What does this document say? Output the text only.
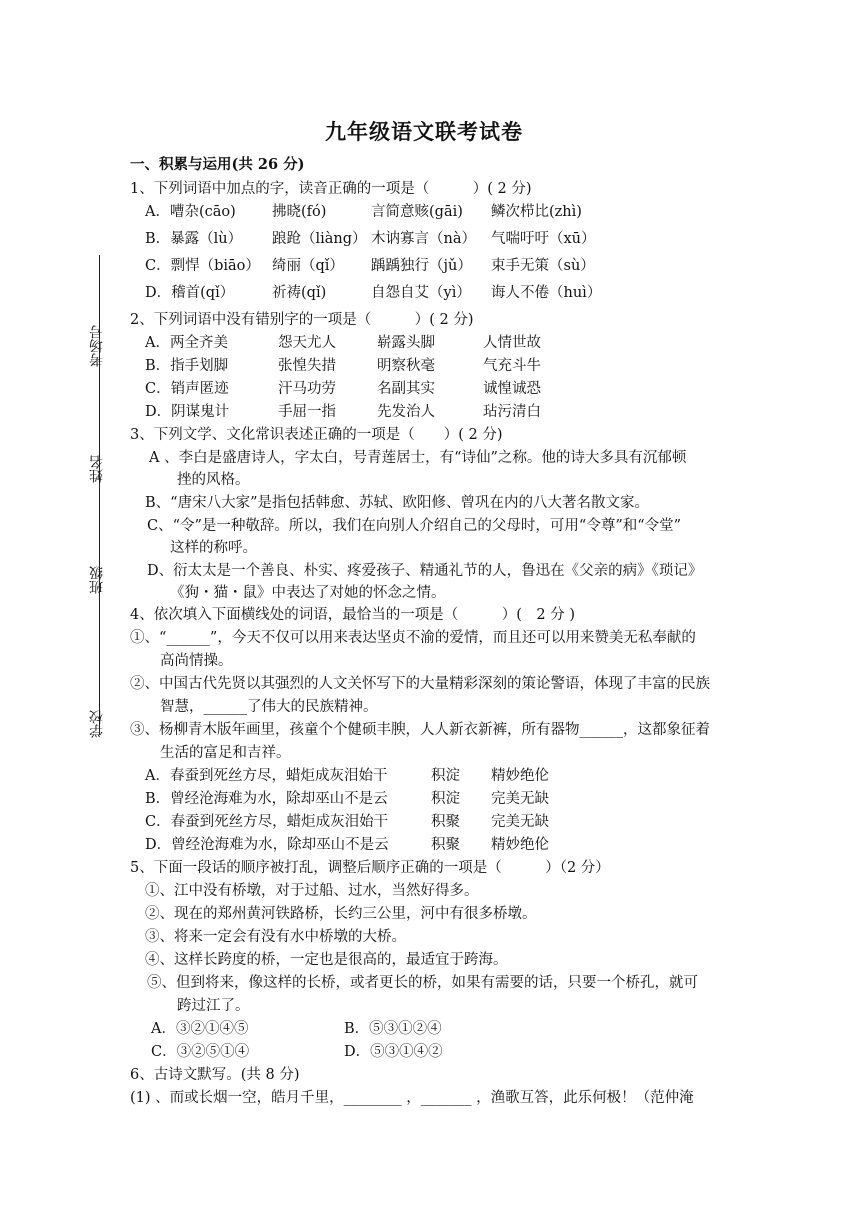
九年级语文联考试卷
考场号
姓名
班级
学校
一、积累与运用(共 26 分)
1、下列词语中加点的字，读音正确的一项是（　　　）( 2 分)
A．嘈杂(cāo) 拂晓(fó)	言简意赅(gāi) 鳞次栉比(zhì)
B．暴露（lù） 踉跄（liàng） 木讷寡言（nà） 气喘吁吁（xū）
C．剽悍（biāo） 绮丽（qǐ） 踽踽独行（jǔ） 束手无策（sù）
D．稽首(qǐ）	祈祷(qǐ)	自怨自艾（yì） 诲人不倦（huì）
2、下列词语中没有错别字的一项是（　　　）( 2 分)
A．两全齐美	怨天尤人	崭露头脚	人情世故
B．指手划脚	张惶失措	明察秋毫	气充斗牛
C．销声匿迹	汗马功劳	名副其实	诚惶诚恐
D．阴谋鬼计	手屈一指	先发治人	玷污清白
3、下列文学、文化常识表述正确的一项是（　　）( 2 分)
A 、李白是盛唐诗人，字太白，号青莲居士，有“诗仙”之称。他的诗大多具有沉郁顿
挫的风格。
B、“唐宋八大家”是指包括韩愈、苏轼、欧阳修、曾巩在内的八大著名散文家。
C、“令”是一种敬辞。所以，我们在向别人介绍自己的父母时，可用“令尊”和“令堂”
这样的称呼。
D、衍太太是一个善良、朴实、疼爱孩子、精通礼节的人，鲁迅在《父亲的病》《琐记》
《狗・猫・鼠》中表达了对她的怀念之情。
4、依次填入下面横线处的词语，最恰当的一项是（　　　）(　2 分 )
①、“______”，今天不仅可以用来表达坚贞不渝的爱情，而且还可以用来赞美无私奉献的
高尚情操。
②、中国古代先贤以其强烈的人文关怀写下的大量精彩深刻的策论警语，体现了丰富的民族
智慧，______了伟大的民族精神。
③、杨柳青木版年画里，孩童个个健硕丰腴，人人新衣新裤，所有器物______，这都象征着
生活的富足和吉祥。
A．春蚕到死丝方尽，蜡炬成灰泪始干	积淀 精妙绝伦
B．曾经沧海难为水，除却巫山不是云	积淀 完美无缺
C．春蚕到死丝方尽，蜡炬成灰泪始干	积聚 完美无缺
D．曾经沧海难为水，除却巫山不是云	积聚 精妙绝伦
5、下面一段话的顺序被打乱，调整后顺序正确的一项是（　　　）（2 分）
①、江中没有桥墩，对于过船、过水，当然好得多。
②、现在的郑州黄河铁路桥，长约三公里，河中有很多桥墩。
③、将来一定会有没有水中桥墩的大桥。
④、这样长跨度的桥，一定也是很高的，最适宜于跨海。
⑤、但到将来，像这样的长桥，或者更长的桥，如果有需要的话，只要一个桥孔，就可
跨过江了。
A．③②①④⑤	B．⑤③①②④
C．③②⑤①④	D．⑤③①④②
6、古诗文默写。(共 8 分)
(1) 、而或长烟一空，皓月千里，________ ，_______ ，渔歌互答，此乐何极！（范仲淹
